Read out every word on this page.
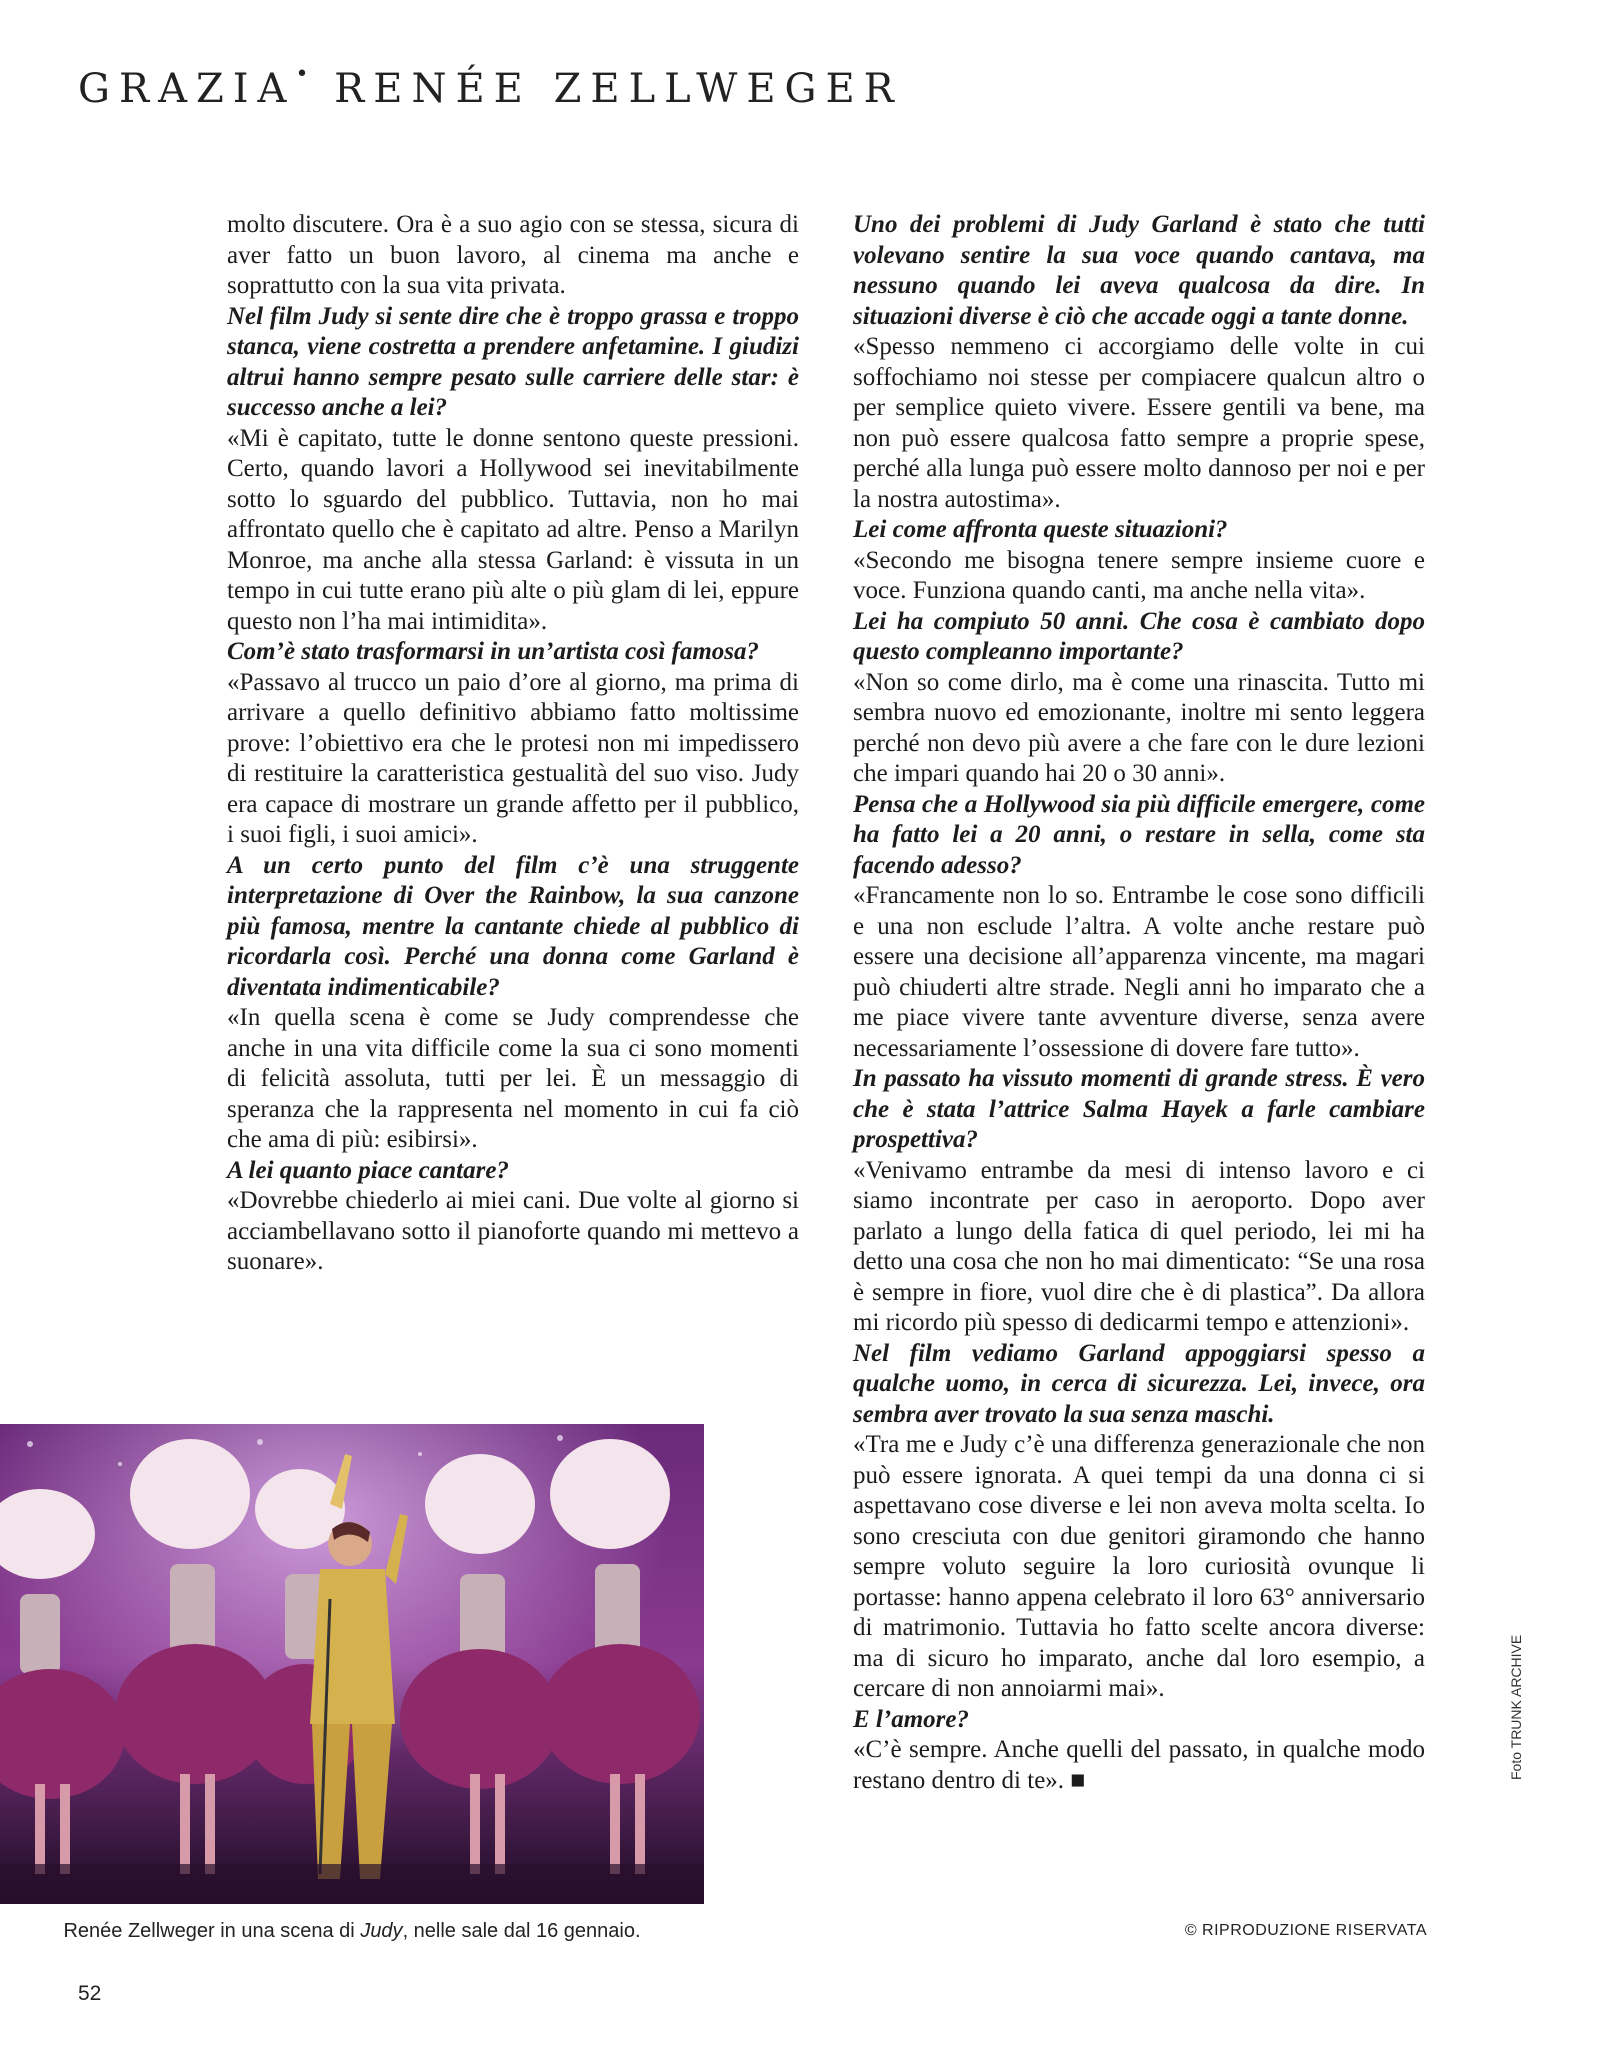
GRAZIA• RENÉE ZELLWEGER

molto discutere. Ora è a suo agio con se stessa, sicura di aver fatto un buon lavoro, al cinema ma anche e soprattutto con la sua vita privata.

Nel film Judy si sente dire che è troppo grassa e troppo stanca, viene costretta a prendere anfetamine. I giudizi altrui hanno sempre pesato sulle carriere delle star: è successo anche a lei?

«Mi è capitato, tutte le donne sentono queste pressioni. Certo, quando lavori a Hollywood sei inevitabilmente sotto lo sguardo del pubblico. Tuttavia, non ho mai affrontato quello che è capitato ad altre. Penso a Marilyn Monroe, ma anche alla stessa Garland: è vissuta in un tempo in cui tutte erano più alte o più glam di lei, eppure questo non l’ha mai intimidita».

Com’è stato trasformarsi in un’artista così famosa?

«Passavo al trucco un paio d’ore al giorno, ma prima di arrivare a quello definitivo abbiamo fatto moltissime prove: l’obiettivo era che le protesi non mi impedissero di restituire la caratteristica gestualità del suo viso. Judy era capace di mostrare un grande affetto per il pubblico, i suoi figli, i suoi amici».

A un certo punto del film c’è una struggente interpretazione di Over the Rainbow, la sua canzone più famosa, mentre la cantante chiede al pubblico di ricordarla così. Perché una donna come Garland è diventata indimenticabile?

«In quella scena è come se Judy comprendesse che anche in una vita difficile come la sua ci sono momenti di felicità assoluta, tutti per lei. È un messaggio di speranza che la rappresenta nel momento in cui fa ciò che ama di più: esibirsi».

A lei quanto piace cantare?

«Dovrebbe chiederlo ai miei cani. Due volte al giorno si acciambellavano sotto il pianoforte quando mi mettevo a suonare».

Uno dei problemi di Judy Garland è stato che tutti volevano sentire la sua voce quando cantava, ma nessuno quando lei aveva qualcosa da dire. In situazioni diverse è ciò che accade oggi a tante donne.

«Spesso nemmeno ci accorgiamo delle volte in cui soffochiamo noi stesse per compiacere qualcun altro o per semplice quieto vivere. Essere gentili va bene, ma non può essere qualcosa fatto sempre a proprie spese, perché alla lunga può essere molto dannoso per noi e per la nostra autostima».

Lei come affronta queste situazioni?

«Secondo me bisogna tenere sempre insieme cuore e voce. Funziona quando canti, ma anche nella vita».

Lei ha compiuto 50 anni. Che cosa è cambiato dopo questo compleanno importante?

«Non so come dirlo, ma è come una rinascita. Tutto mi sembra nuovo ed emozionante, inoltre mi sento leggera perché non devo più avere a che fare con le dure lezioni che impari quando hai 20 o 30 anni».

Pensa che a Hollywood sia più difficile emergere, come ha fatto lei a 20 anni, o restare in sella, come sta facendo adesso?

«Francamente non lo so. Entrambe le cose sono difficili e una non esclude l’altra. A volte anche restare può essere una decisione all’apparenza vincente, ma magari può chiuderti altre strade. Negli anni ho imparato che a me piace vivere tante avventure diverse, senza avere necessariamente l’ossessione di dovere fare tutto».

In passato ha vissuto momenti di grande stress. È vero che è stata l’attrice Salma Hayek a farle cambiare prospettiva?

«Venivamo entrambe da mesi di intenso lavoro e ci siamo incontrate per caso in aeroporto. Dopo aver parlato a lungo della fatica di quel periodo, lei mi ha detto una cosa che non ho mai dimenticato: “Se una rosa è sempre in fiore, vuol dire che è di plastica”. Da allora mi ricordo più spesso di dedicarmi tempo e attenzioni».

Nel film vediamo Garland appoggiarsi spesso a qualche uomo, in cerca di sicurezza. Lei, invece, ora sembra aver trovato la sua senza maschi.

«Tra me e Judy c’è una differenza generazionale che non può essere ignorata. A quei tempi da una donna ci si aspettavano cose diverse e lei non aveva molta scelta. Io sono cresciuta con due genitori giramondo che hanno sempre voluto seguire la loro curiosità ovunque li portasse: hanno appena celebrato il loro 63° anniversario di matrimonio. Tuttavia ho fatto scelte ancora diverse: ma di sicuro ho imparato, anche dal loro esempio, a cercare di non annoiarmi mai».

E l’amore?

«C’è sempre. Anche quelli del passato, in qualche modo restano dentro di te». ■

Renée Zellweger in una scena di Judy, nelle sale dal 16 gennaio.	© RIPRODUZIONE RISERVATA
Foto TRUNK ARCHIVE
52
